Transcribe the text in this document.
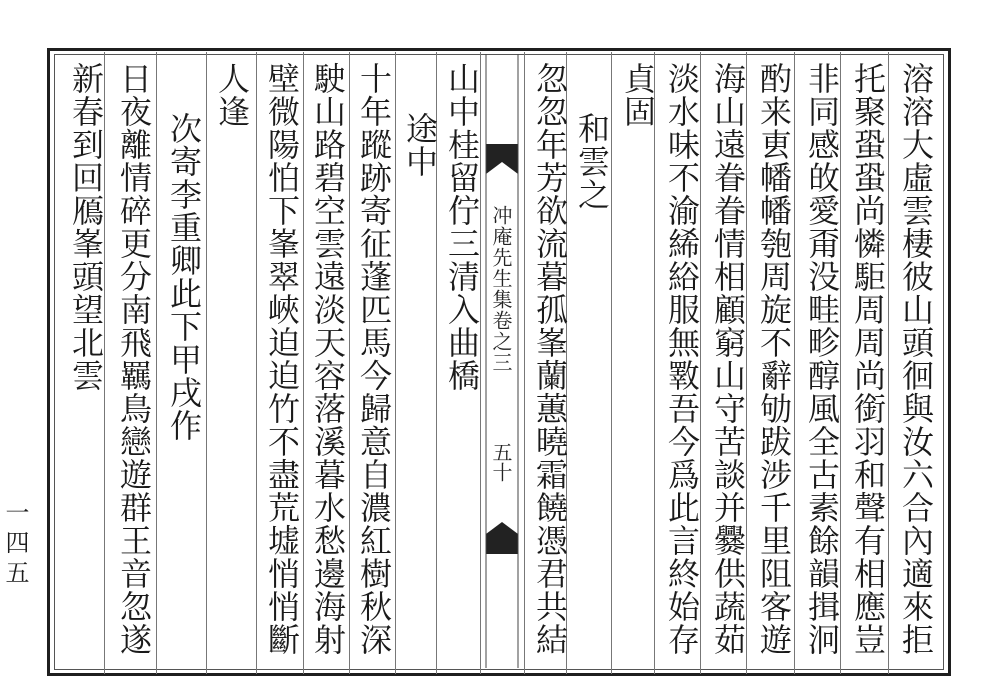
冲庵先生集卷之三
五十	溶溶大虛雲棲彼山頭徊與汝六合內適來拒
托聚蛩蛩尚憐駏周周尚銜羽和聲有相應豈
非同感敀愛甭没畦畛醇風全古素餘韻揖泂
酌来叀幡幡匏周旋不辭劬跋涉千里阻客遊
海山遠眷眷情相顧窮山守苦談并爨供蔬茹
淡水味不渝絺綌服無斁吾今爲此言終始存
貞固
和雲之
忽忽年芳欲流暮孤峯蘭蕙曉霜饒憑君共結
山中桂留佇三清入曲橋
途中
十年蹤跡寄征蓬匹馬今歸意自濃紅樹秋深
駛山路碧空雲遠淡天容落溪暮水愁邊海射
壁微陽怕下峯翠峽迫迫竹不盡荒墟悄悄斷
人逢
次寄李重卿此下甲戌作
日夜離情碎更分南飛羈鳥戀遊群王音忽遂
新春到回鴈峯頭望北雲
一四五
